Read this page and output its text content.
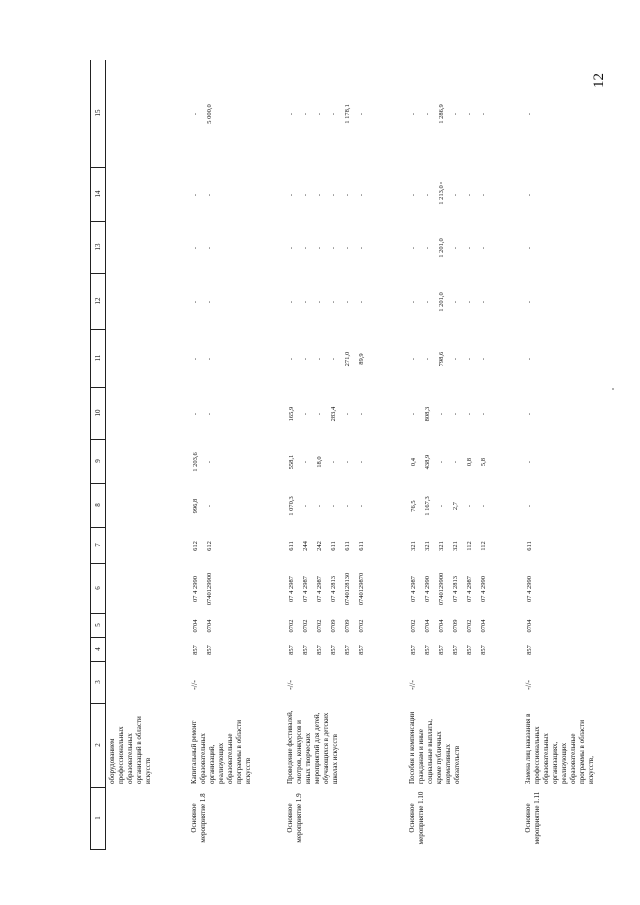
12
1
2
3
4
5
6
7
8
9
10
11
12
13
14
15
оборудованием профессиональных образовательных организаций в области искусств
Основное мероприятие 1.8
Капитальный ремонт образовательных организаций, реализующих образовательные программы в области искусств
-//-
857
0704
07 4 2990
612
996,8
1 203,6
-
-
-
-
-
-
857
0704
0740129900
612
-
-
-
-
-
-
-
5 000,0
Основное мероприятие 1.9
Проведение фестивалей, смотров, конкурсов и иных творческих мероприятий для детей, обучающихся в детских школах искусств
-//-
857
0702
07 4 2987
611
1 070,3
558,1
165,9
-
-
-
-
-
857
0702
07 4 2987
244
-
-
-
-
-
-
-
-
857
0702
07 4 2987
242
-
18,0
-
-
-
-
-
-
857
0709
07 4 2813
611
-
-
283,4
-
-
-
-
-
857
0709
0740128130
611
-
-
-
271,0
-
-
-
1 178,1
857
0702
0740129870
611
-
-
-
89,9
-
-
-
-
Основное мероприятие 1.10
Пособия и компенсации гражданам и иные социальные выплаты, кроме публичных нормативных обязательств
-//-
857
0702
07 4 2987
321
76,5
0,4
-
-
-
-
-
-
857
0704
07 4 2990
321
1 167,3
438,9
808,3
-
-
-
-
-
857
0704
0740129900
321
-
-
-
798,6
1 201,0
1 201,0
1 213,0
1 286,9
857
0709
07 4 2813
321
2,7
-
-
-
-
-
-
-
857
0702
07 4 2987
112
-
0,8
-
-
-
-
-
-
857
0704
07 4 2990
112
-
5,8
-
-
-
-
-
-
Основное мероприятие 1.11
Замена лиц наказания в профессиональных образовательных организациях, реализующих образовательные программы в области искусств,
-//-
857
0704
07 4 2990
611
-
-
-
-
-
-
-
-
